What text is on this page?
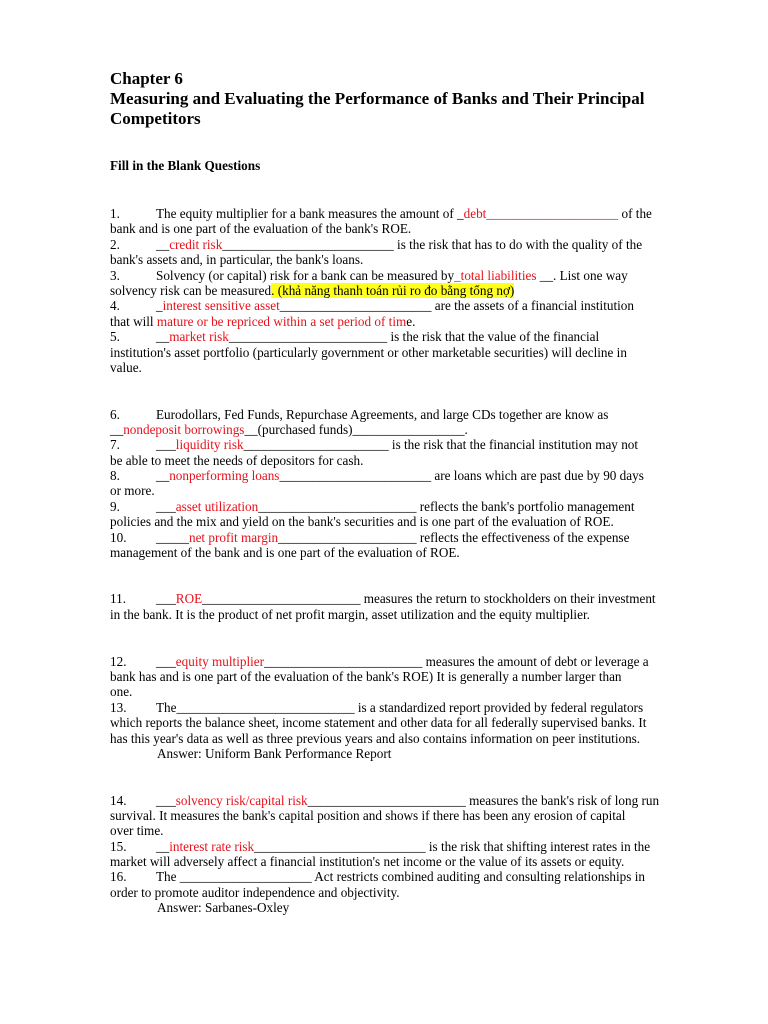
Chapter 6
Measuring and Evaluating the Performance of Banks and Their Principal
Competitors
Fill in the Blank Questions
1.	The equity multiplier for a bank measures the amount of _debt____________________ of the
bank and is one part of the evaluation of the bank's ROE.
2.	__credit risk__________________________ is the risk that has to do with the quality of the
bank's assets and, in particular, the bank's loans.
3.	Solvency (or capital) risk for a bank can be measured by_total liabilities __. List one way
solvency risk can be measured. (khả năng thanh toán rủi ro đo bằng tổng nợ)
4.	_interest sensitive asset_______________________ are the assets of a financial institution
that will mature or be repriced within a set period of time.
5.	__market risk________________________ is the risk that the value of the financial
institution's asset portfolio (particularly government or other marketable securities) will decline in
value.
6.	Eurodollars, Fed Funds, Repurchase Agreements, and large CDs together are know as
__nondeposit borrowings__(purchased funds)_________________.
7.	___liquidity risk______________________ is the risk that the financial institution may not
be able to meet the needs of depositors for cash.
8.	__nonperforming loans_______________________ are loans which are past due by 90 days
or more.
9.	___asset utilization________________________ reflects the bank's portfolio management
policies and the mix and yield on the bank's securities and is one part of the evaluation of ROE.
10. _____net profit margin_____________________ reflects the effectiveness of the expense
management of the bank and is one part of the evaluation of ROE.
11. ___ROE________________________ measures the return to stockholders on their investment
in the bank. It is the product of net profit margin, asset utilization and the equity multiplier.
12. ___equity multiplier________________________ measures the amount of debt or leverage a
bank has and is one part of the evaluation of the bank's ROE) It is generally a number larger than
one.
13. The___________________________ is a standardized report provided by federal regulators
which reports the balance sheet, income statement and other data for all federally supervised banks. It
has this year's data as well as three previous years and also contains information on peer institutions.
Answer: Uniform Bank Performance Report
14. ___solvency risk/capital risk________________________ measures the bank's risk of long run
survival. It measures the bank's capital position and shows if there has been any erosion of capital
over time.
15. __interest rate risk__________________________ is the risk that shifting interest rates in the
market will adversely affect a financial institution's net income or the value of its assets or equity.
16. The ____________________ Act restricts combined auditing and consulting relationships in
order to promote auditor independence and objectivity.
Answer: Sarbanes-Oxley
